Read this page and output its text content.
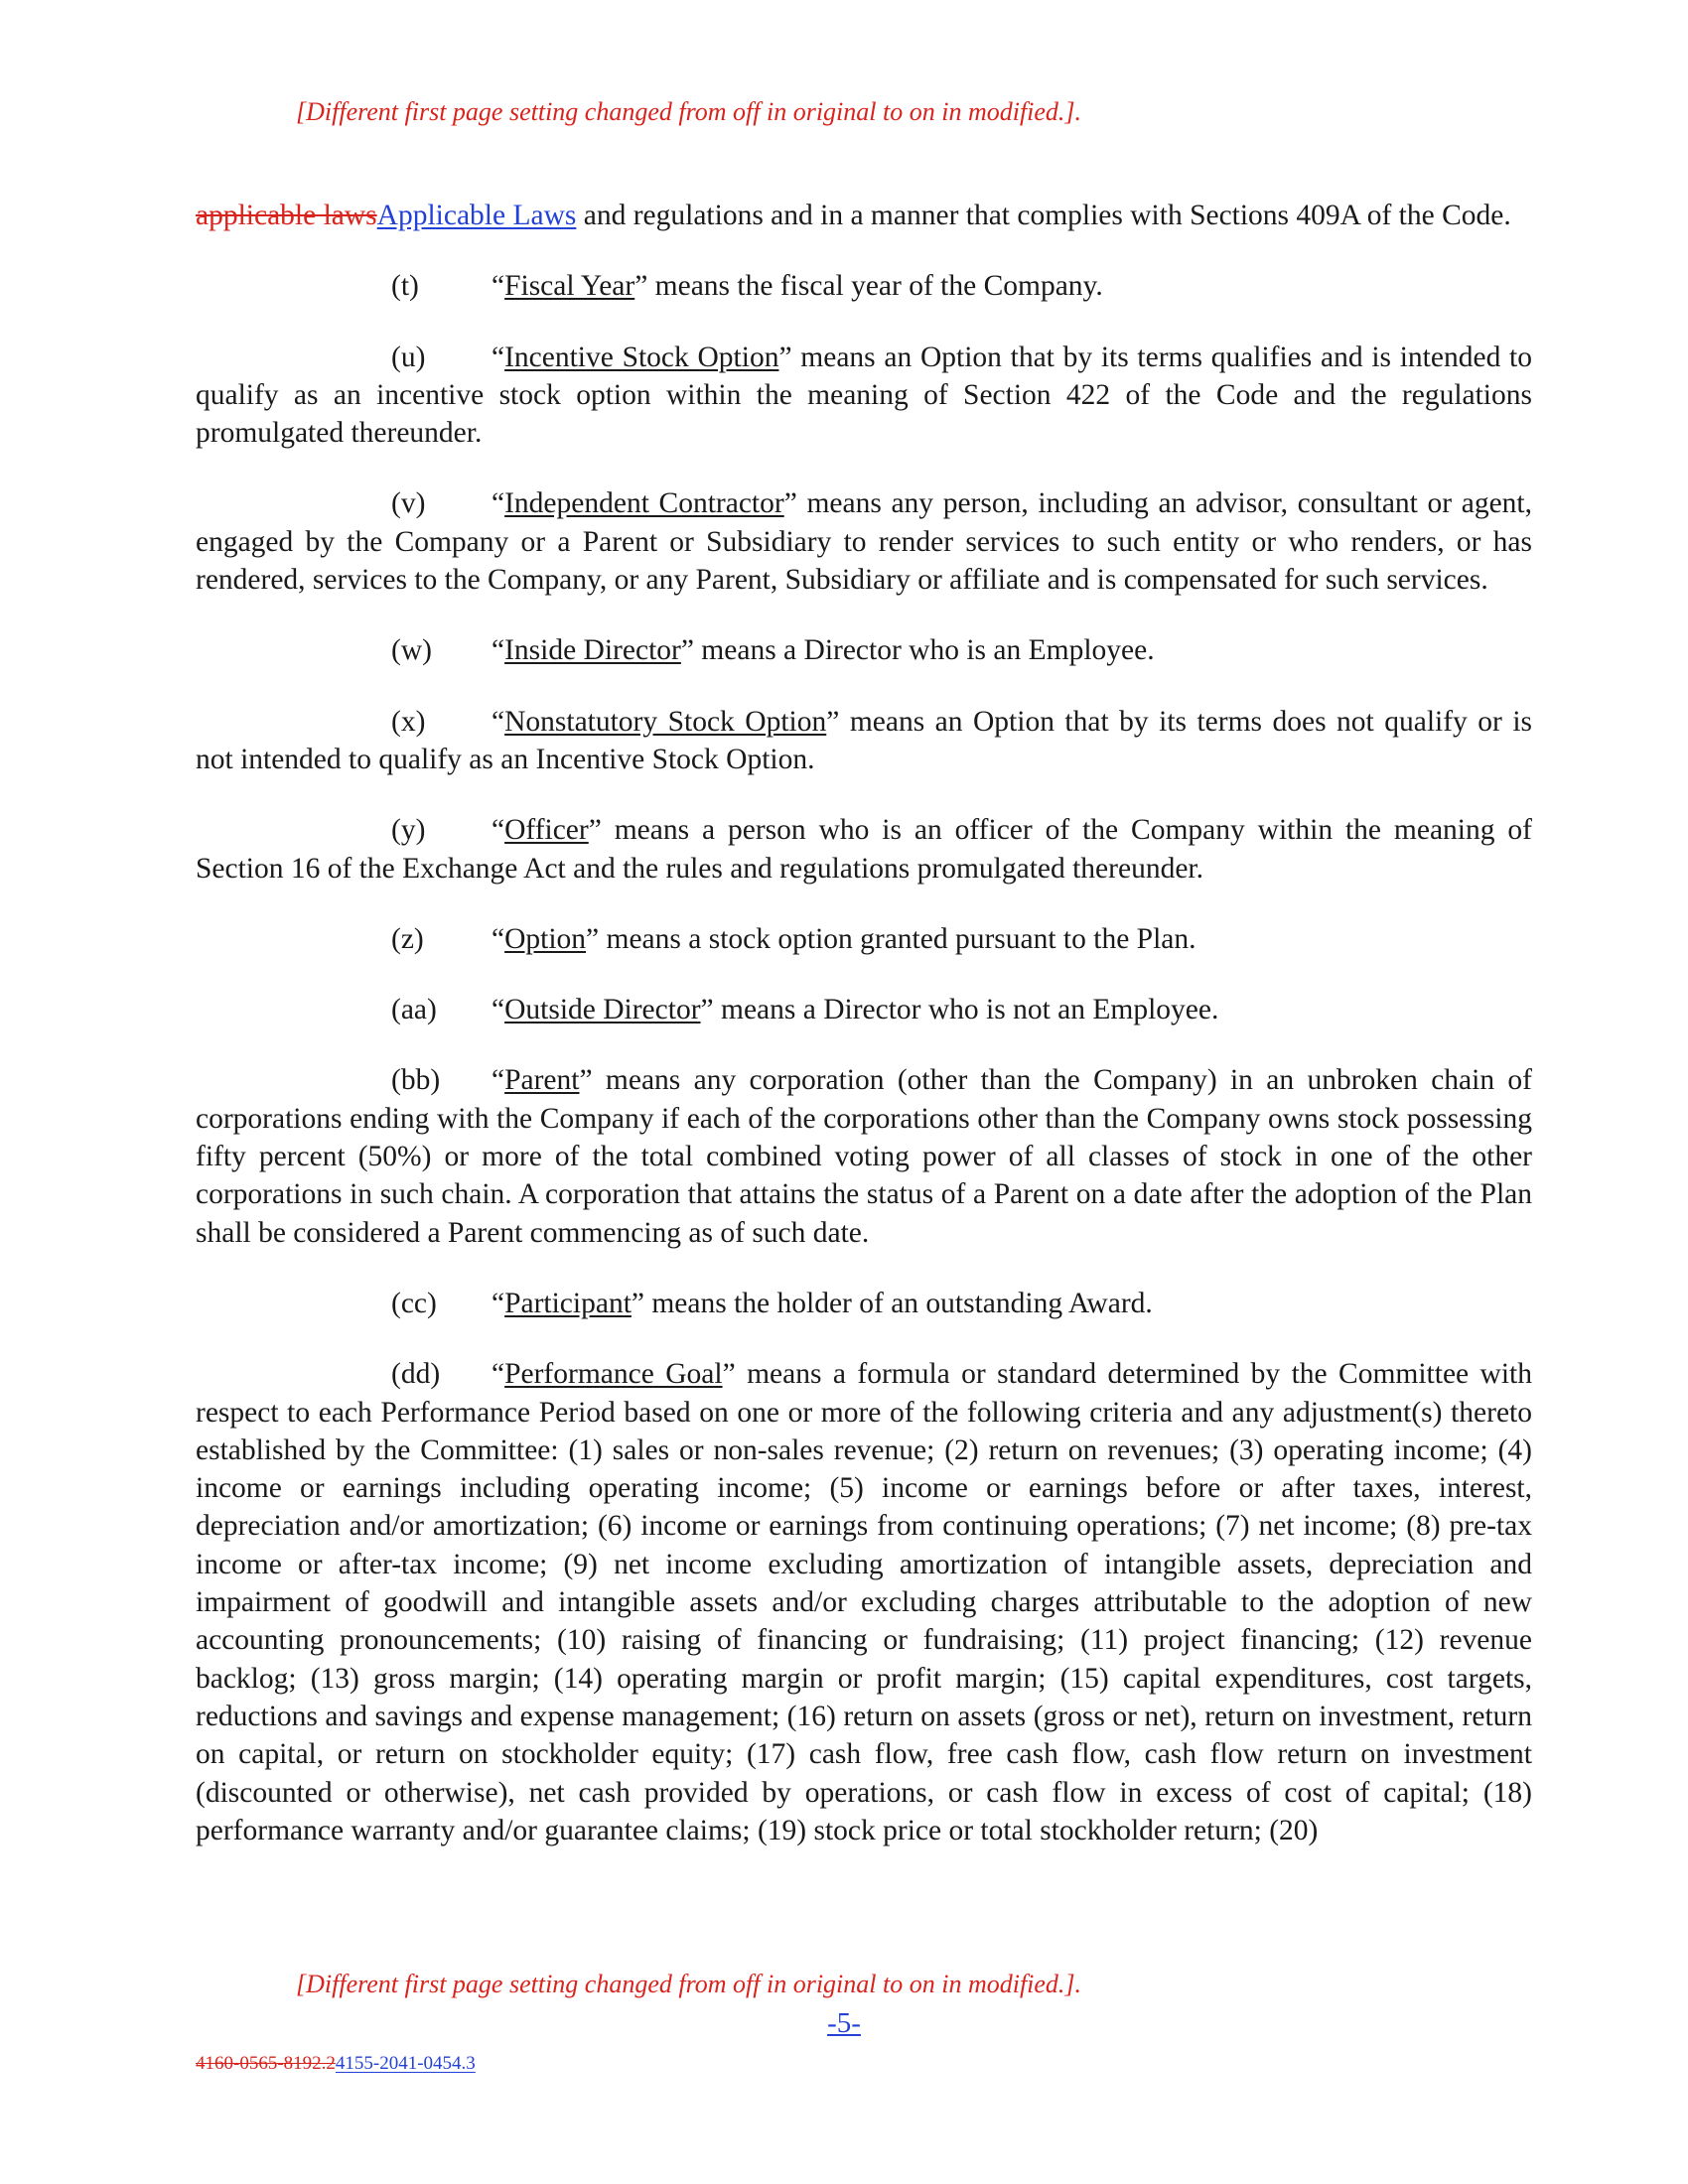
[Different first page setting changed from off in original to on in modified.].

applicable lawsApplicable Laws and regulations and in a manner that complies with Sections 409A of the Code.

(t) “Fiscal Year” means the fiscal year of the Company.

(u) “Incentive Stock Option” means an Option that by its terms qualifies and is intended to qualify as an incentive stock option within the meaning of Section 422 of the Code and the regulations promulgated thereunder.

(v) “Independent Contractor” means any person, including an advisor, consultant or agent, engaged by the Company or a Parent or Subsidiary to render services to such entity or who renders, or has rendered, services to the Company, or any Parent, Subsidiary or affiliate and is compensated for such services.

(w) “Inside Director” means a Director who is an Employee.

(x) “Nonstatutory Stock Option” means an Option that by its terms does not qualify or is not intended to qualify as an Incentive Stock Option.

(y) “Officer” means a person who is an officer of the Company within the meaning of Section 16 of the Exchange Act and the rules and regulations promulgated thereunder.

(z) “Option” means a stock option granted pursuant to the Plan.

(aa) “Outside Director” means a Director who is not an Employee.

(bb) “Parent” means any corporation (other than the Company) in an unbroken chain of corporations ending with the Company if each of the corporations other than the Company owns stock possessing fifty percent (50%) or more of the total combined voting power of all classes of stock in one of the other corporations in such chain. A corporation that attains the status of a Parent on a date after the adoption of the Plan shall be considered a Parent commencing as of such date.

(cc) “Participant” means the holder of an outstanding Award.

(dd) “Performance Goal” means a formula or standard determined by the Committee with respect to each Performance Period based on one or more of the following criteria and any adjustment(s) thereto established by the Committee: (1) sales or non-sales revenue; (2) return on revenues; (3) operating income; (4) income or earnings including operating income; (5) income or earnings before or after taxes, interest, depreciation and/or amortization; (6) income or earnings from continuing operations; (7) net income; (8) pre-tax income or after-tax income; (9) net income excluding amortization of intangible assets, depreciation and impairment of goodwill and intangible assets and/or excluding charges attributable to the adoption of new accounting pronouncements; (10) raising of financing or fundraising; (11) project financing; (12) revenue backlog; (13) gross margin; (14) operating margin or profit margin; (15) capital expenditures, cost targets, reductions and savings and expense management; (16) return on assets (gross or net), return on investment, return on capital, or return on stockholder equity; (17) cash flow, free cash flow, cash flow return on investment (discounted or otherwise), net cash provided by operations, or cash flow in excess of cost of capital; (18) performance warranty and/or guarantee claims; (19) stock price or total stockholder return; (20)

[Different first page setting changed from off in original to on in modified.].
-5-
4160-0565-8192.24155-2041-0454.3
